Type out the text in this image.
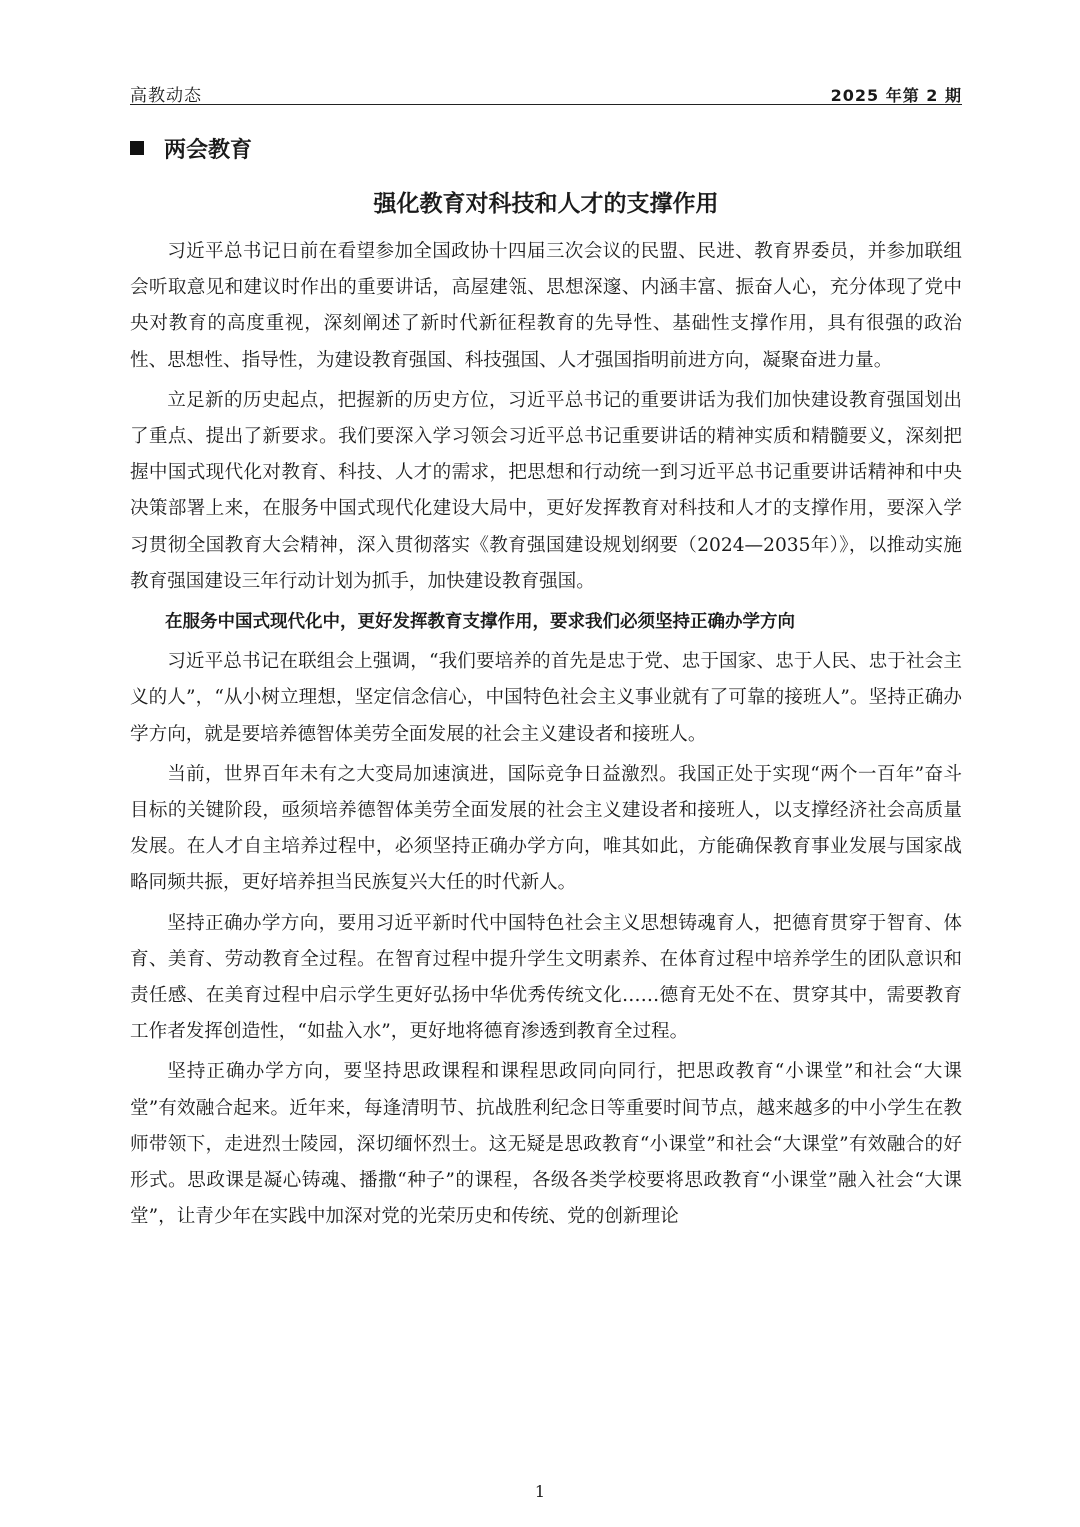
高教动态	2025 年第 2 期
两会教育
强化教育对科技和人才的支撑作用

习近平总书记日前在看望参加全国政协十四届三次会议的民盟、民进、教育界委员，并参加联组会听取意见和建议时作出的重要讲话，高屋建瓴、思想深邃、内涵丰富、振奋人心，充分体现了党中央对教育的高度重视，深刻阐述了新时代新征程教育的先导性、基础性支撑作用，具有很强的政治性、思想性、指导性，为建设教育强国、科技强国、人才强国指明前进方向，凝聚奋进力量。

立足新的历史起点，把握新的历史方位，习近平总书记的重要讲话为我们加快建设教育强国划出了重点、提出了新要求。我们要深入学习领会习近平总书记重要讲话的精神实质和精髓要义，深刻把握中国式现代化对教育、科技、人才的需求，把思想和行动统一到习近平总书记重要讲话精神和中央决策部署上来，在服务中国式现代化建设大局中，更好发挥教育对科技和人才的支撑作用，要深入学习贯彻全国教育大会精神，深入贯彻落实《教育强国建设规划纲要（2024—2035年）》，以推动实施教育强国建设三年行动计划为抓手，加快建设教育强国。

在服务中国式现代化中，更好发挥教育支撑作用，要求我们必须坚持正确办学方向

习近平总书记在联组会上强调，“我们要培养的首先是忠于党、忠于国家、忠于人民、忠于社会主义的人”，“从小树立理想，坚定信念信心，中国特色社会主义事业就有了可靠的接班人”。坚持正确办学方向，就是要培养德智体美劳全面发展的社会主义建设者和接班人。

当前，世界百年未有之大变局加速演进，国际竞争日益激烈。我国正处于实现“两个一百年”奋斗目标的关键阶段，亟须培养德智体美劳全面发展的社会主义建设者和接班人，以支撑经济社会高质量发展。在人才自主培养过程中，必须坚持正确办学方向，唯其如此，方能确保教育事业发展与国家战略同频共振，更好培养担当民族复兴大任的时代新人。

坚持正确办学方向，要用习近平新时代中国特色社会主义思想铸魂育人，把德育贯穿于智育、体育、美育、劳动教育全过程。在智育过程中提升学生文明素养、在体育过程中培养学生的团队意识和责任感、在美育过程中启示学生更好弘扬中华优秀传统文化……德育无处不在、贯穿其中，需要教育工作者发挥创造性，“如盐入水”，更好地将德育渗透到教育全过程。

坚持正确办学方向，要坚持思政课程和课程思政同向同行，把思政教育“小课堂”和社会“大课堂”有效融合起来。近年来，每逢清明节、抗战胜利纪念日等重要时间节点，越来越多的中小学生在教师带领下，走进烈士陵园，深切缅怀烈士。这无疑是思政教育“小课堂”和社会“大课堂”有效融合的好形式。思政课是凝心铸魂、播撒“种子”的课程，各级各类学校要将思政教育“小课堂”融入社会“大课堂”，让青少年在实践中加深对党的光荣历史和传统、党的创新理论

1
